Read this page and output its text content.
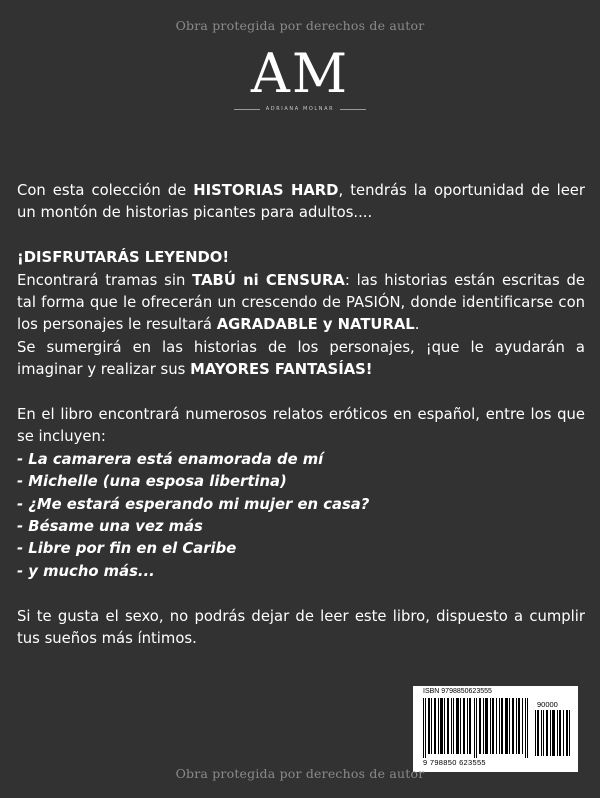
Obra protegida por derechos de autor
AM
ADRIANA MOLNAR

Con esta colección de HISTORIAS HARD, tendrás la oportunidad de leer un montón de historias picantes para adultos....

¡DISFRUTARÁS LEYENDO!

Encontrará tramas sin TABÚ ni CENSURA: las historias están escritas de tal forma que le ofrecerán un crescendo de PASIÓN, donde identificarse con los personajes le resultará AGRADABLE y NATURAL.

Se sumergirá en las historias de los personajes, ¡que le ayudarán a imaginar y realizar sus MAYORES FANTASÍAS!

En el libro encontrará numerosos relatos eróticos en español, entre los que se incluyen:

- La camarera está enamorada de mí

- Michelle (una esposa libertina)

- ¿Me estará esperando mi mujer en casa?

- Bésame una vez más

- Libre por fin en el Caribe

- y mucho más...

Si te gusta el sexo, no podrás dejar de leer este libro, dispuesto a cumplir tus sueños más íntimos.

ISBN 9798850623555
90000
9 798850 623555
Obra protegida por derechos de autor
